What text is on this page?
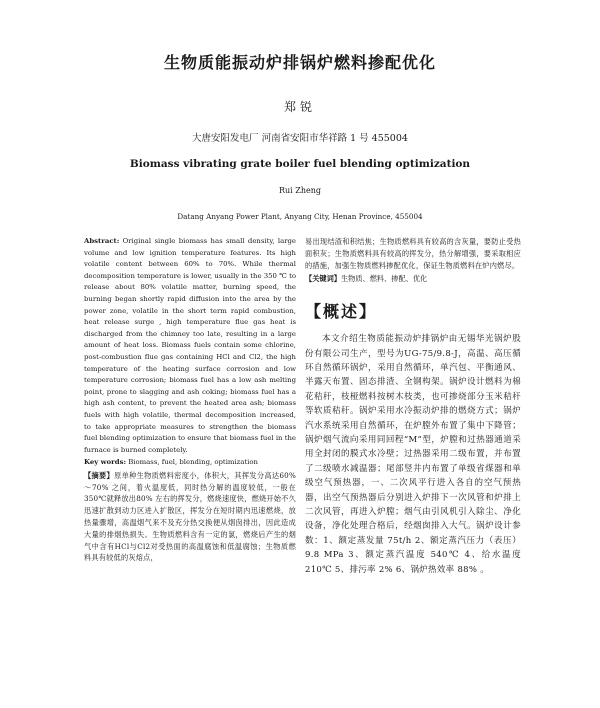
生物质能振动炉排锅炉燃料掺配优化
郑锐
大唐安阳发电厂 河南省安阳市华祥路 1 号 455004
Biomass vibrating grate boiler fuel blending optimization
Rui Zheng
Datang Anyang Power Plant, Anyang City, Henan Province, 455004

Abstract: Original single biomass has small density, large volume and low ignition temperature features. Its high volatile content between 60% to 70%. While thermal decomposition temperature is lower, usually in the 350 ℃ to release about 80% volatile matter, burning speed, the burning began shortly rapid diffusion into the area by the power zone, volatile in the short term rapid combustion, heat release surge , high temperature flue gas heat is discharged from the chimney too late, resulting in a large amount of heat loss. Biomass fuels contain some chlorine, post-combustion flue gas containing HCl and Cl2, the high temperature of the heating surface corrosion and low temperature corrosion; biomass fuel has a low ash melting point, prone to slagging and ash coking; biomass fuel has a high ash content, to prevent the heated area ash; biomass fuels with high volatile, thermal decomposition increased, to take appropriate measures to strengthen the biomass fuel blending optimization to ensure that biomass fuel in the furnace is burned completely.

Key words: Biomass, fuel, blending, optimization

【摘要】原单种生物质燃料密度小，体积大，其挥发分高达60% ～70% 之间，着火温度低，同时热分解的温度较低，一般在350℃就释放出80% 左右的挥发分，燃烧速度快，燃烧开始不久迅速扩散到动力区进入扩散区，挥发分在短时期内迅速燃烧，放热量骤增，高温烟气来不及充分热交换便从烟囱排出，因此造成大量的排烟热损失。生物质燃料含有一定的氯，燃烧后产生的烟气中含有HCl与Cl2对受热面的高温腐蚀和低温腐蚀；生物质燃料具有较低的灰熔点，

易出现结渣和积结焦；生物质燃料具有较高的含灰量，要防止受热面积灰；生物质燃料具有较高的挥发分，热分解增强，要采取相应的措施，加强生物质燃料掺配优化，保证生物质燃料在炉内燃尽。

【关键词】生物质、燃料、掺配、优化

【概述】

本文介绍生物质能振动炉排锅炉由无锡华光锅炉股份有限公司生产，型号为UG-75/9.8-J，高温、高压循环自然循环锅炉，采用自然循环，单汽包、平衡通风、半露天布置、固态排渣、全钢构架。锅炉设计燃料为棉花秸秆，枝桠燃料按树木枝类，也可掺烧部分玉米秸秆等软质秸秆。锅炉采用水冷振动炉排的燃烧方式；锅炉汽水系统采用自然循环，在炉膛外布置了集中下降管；锅炉烟气流向采用同回程“M”型，炉膛和过热器通道采用全封闭的膜式水冷壁；过热器采用二级布置，并布置了二级喷水减温器；尾部竖井内布置了单级省煤器和单级空气预热器，一、二次风平行进入各自的空气预热器，出空气预热器后分别进入炉排下一次风管和炉排上二次风管，再进入炉膛；烟气由引风机引入除尘、净化设备，净化处理合格后，经烟囱排入大气。锅炉设计参数：1、额定蒸发量 75t/h 2、额定蒸汽压力（表压）9.8 MPa 3、额定蒸汽温度 540℃ 4、给水温度 210℃ 5、排污率 2% 6、锅炉热效率 88% 。
